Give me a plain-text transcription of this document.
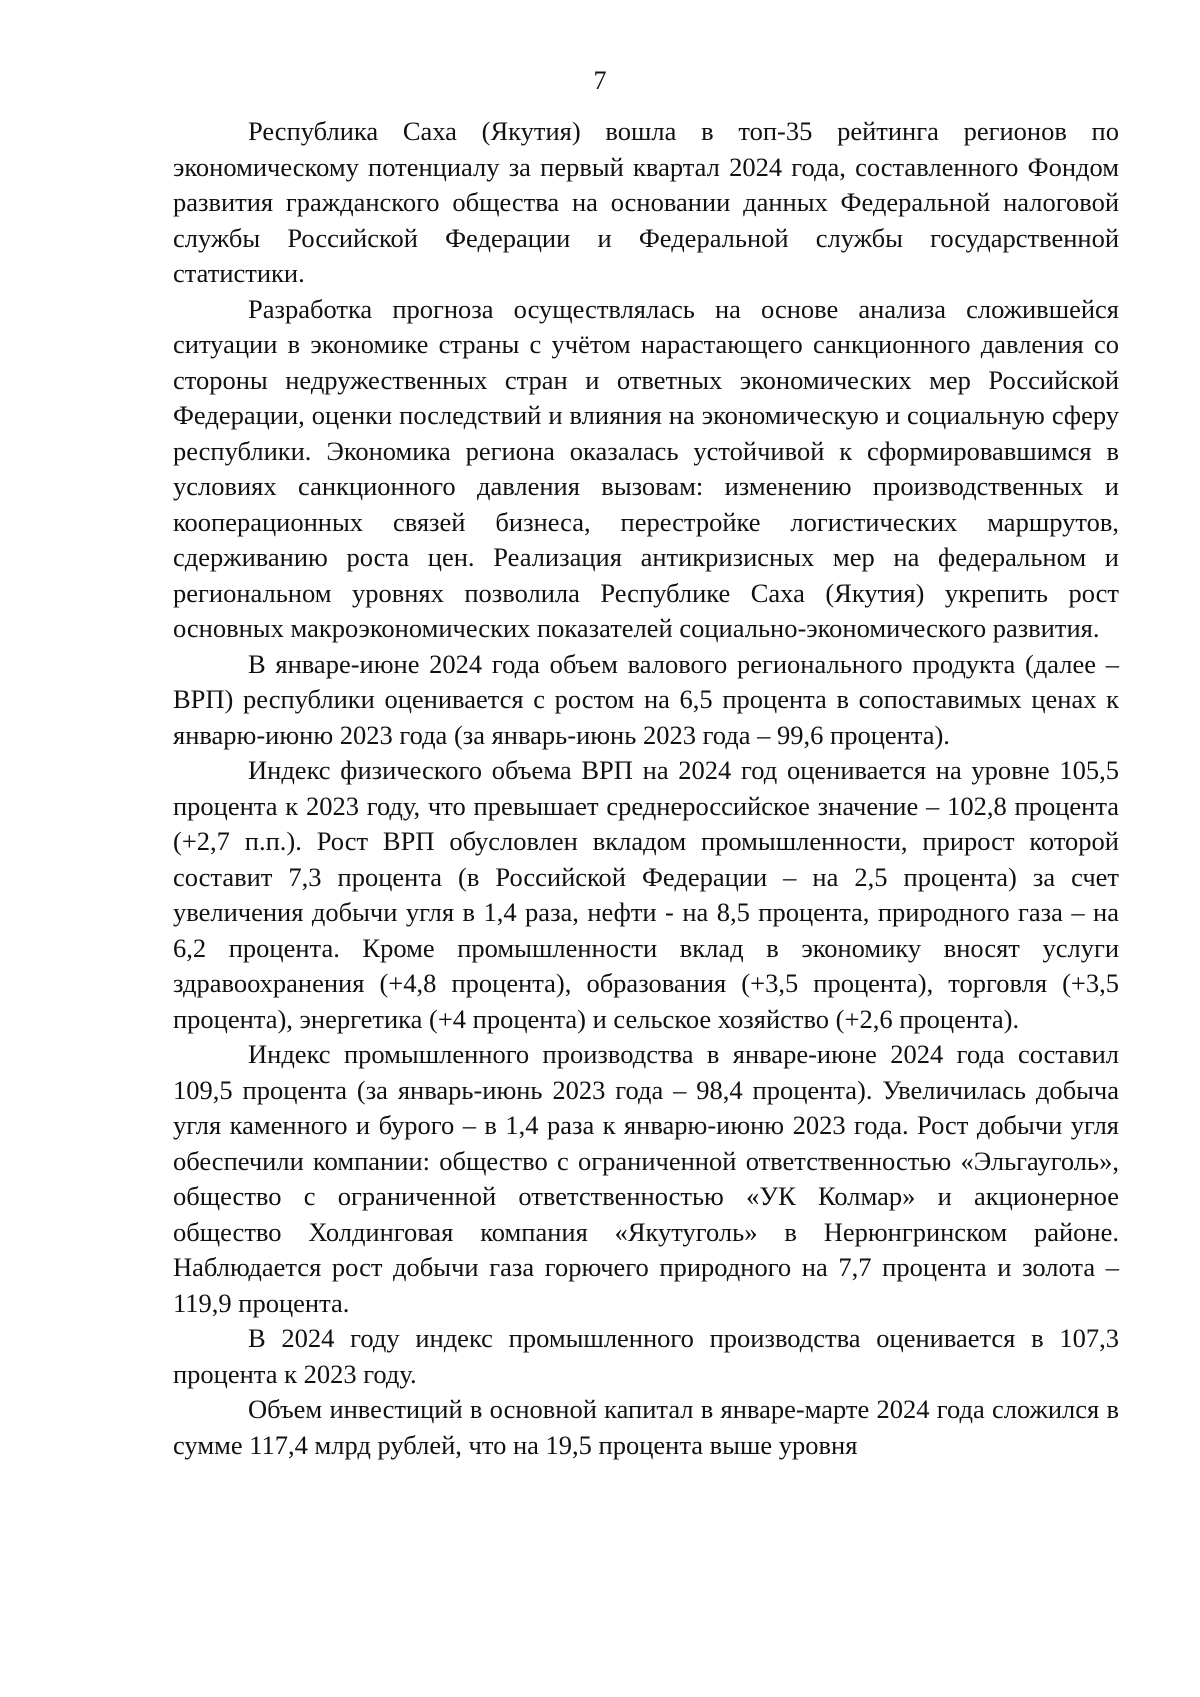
7

Республика Саха (Якутия) вошла в топ-35 рейтинга регионов по экономическому потенциалу за первый квартал 2024 года, составленного Фондом развития гражданского общества на основании данных Федеральной налоговой службы Российской Федерации и Федеральной службы государственной статистики.

Разработка прогноза осуществлялась на основе анализа сложившейся ситуации в экономике страны с учётом нарастающего санкционного давления со стороны недружественных стран и ответных экономических мер Российской Федерации, оценки последствий и влияния на экономическую и социальную сферу республики. Экономика региона оказалась устойчивой к сформировавшимся в условиях санкционного давления вызовам: изменению производственных и кооперационных связей бизнеса, перестройке логистических маршрутов, сдерживанию роста цен. Реализация антикризисных мер на федеральном и региональном уровнях позволила Республике Саха (Якутия) укрепить рост основных макроэкономических показателей социально-экономического развития.

В январе-июне 2024 года объем валового регионального продукта (далее – ВРП) республики оценивается с ростом на 6,5 процента в сопоставимых ценах к январю-июню 2023 года (за январь-июнь 2023 года – 99,6 процента).

Индекс физического объема ВРП на 2024 год оценивается на уровне 105,5 процента к 2023 году, что превышает среднероссийское значение – 102,8 процента (+2,7 п.п.). Рост ВРП обусловлен вкладом промышленности, прирост которой составит 7,3 процента (в Российской Федерации – на 2,5 процента) за счет увеличения добычи угля в 1,4 раза, нефти - на 8,5 процента, природного газа – на 6,2 процента. Кроме промышленности вклад в экономику вносят услуги здравоохранения (+4,8 процента), образования (+3,5 процента), торговля (+3,5 процента), энергетика (+4 процента) и сельское хозяйство (+2,6 процента).

Индекс промышленного производства в январе-июне 2024 года составил 109,5 процента (за январь-июнь 2023 года – 98,4 процента). Увеличилась добыча угля каменного и бурого – в 1,4 раза к январю-июню 2023 года. Рост добычи угля обеспечили компании: общество с ограниченной ответственностью «Эльгауголь», общество с ограниченной ответственностью «УК Колмар» и акционерное общество Холдинговая компания «Якутуголь» в Нерюнгринском районе. Наблюдается рост добычи газа горючего природного на 7,7 процента и золота – 119,9 процента.

В 2024 году индекс промышленного производства оценивается в 107,3 процента к 2023 году.

Объем инвестиций в основной капитал в январе-марте 2024 года сложился в сумме 117,4 млрд рублей, что на 19,5 процента выше уровня
